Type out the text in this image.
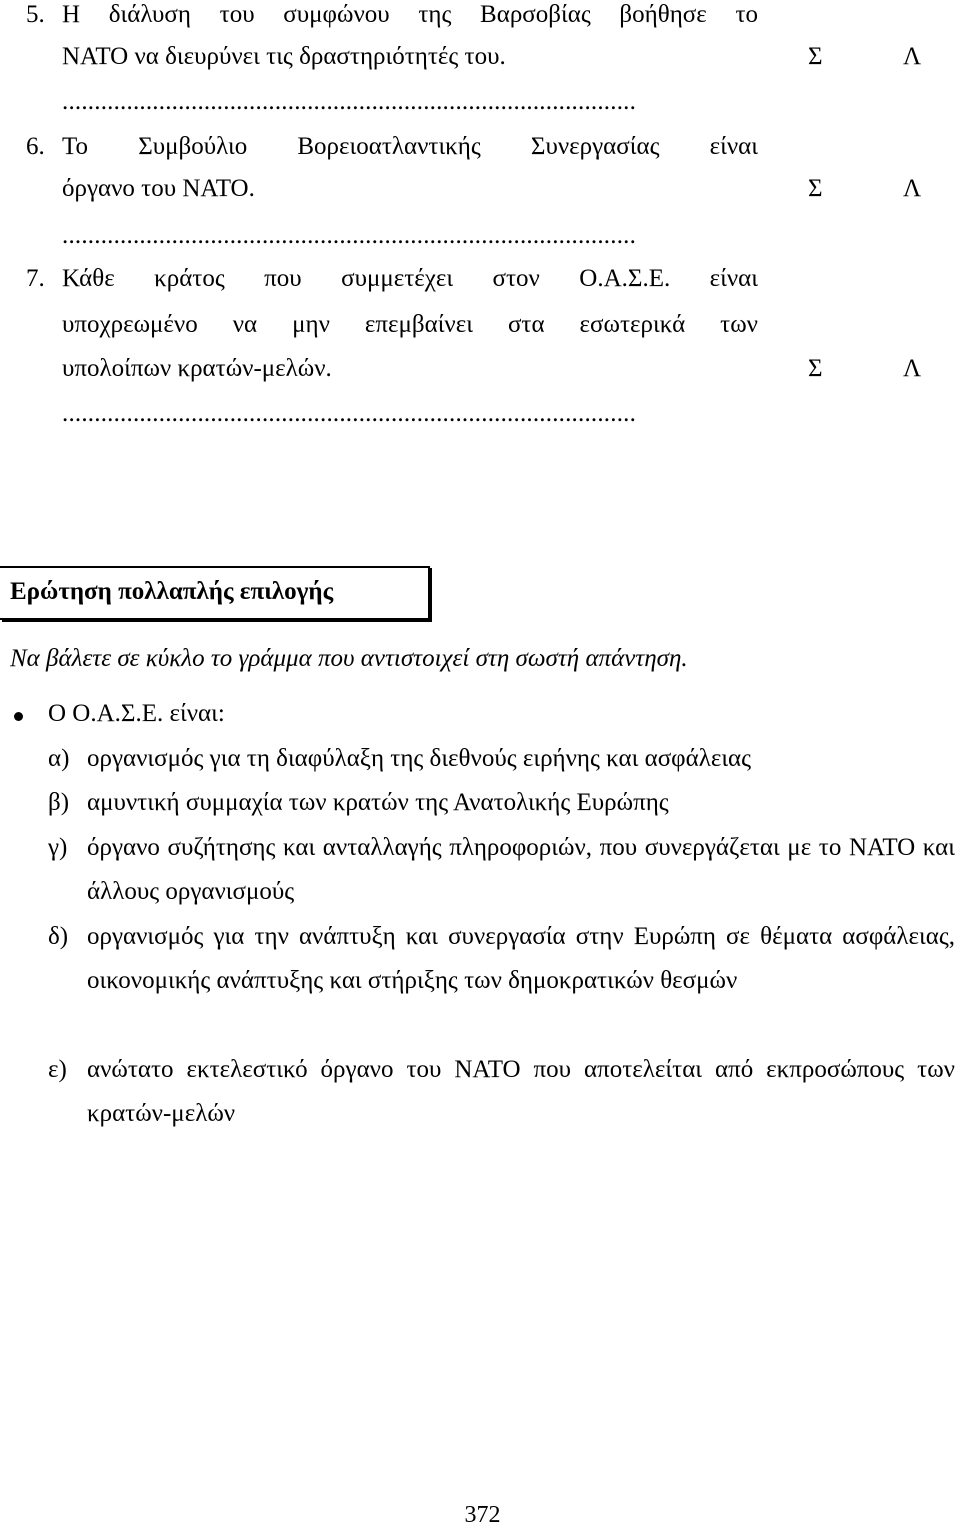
5. Η διάλυση του συμφώνου της Βαρσοβίας βοήθησε το
ΝΑΤΟ να διευρύνει τις δραστηριότητές του.	Σ	Λ
.........................................................................................
6. Το Συμβούλιο Βορειοατλαντικής Συνεργασίας είναι
όργανο του ΝΑΤΟ.	Σ	Λ
.........................................................................................
7. Κάθε κράτος που συμμετέχει στον Ο.Α.Σ.Ε. είναι
υποχρεωμένο να μην επεμβαίνει στα εσωτερικά των
υπολοίπων κρατών-μελών.	Σ	Λ
.........................................................................................
Ερώτηση πολλαπλής επιλογής
Να βάλετε σε κύκλο το γράμμα που αντιστοιχεί στη σωστή απάντηση.
Ο Ο.Α.Σ.Ε. είναι:
α) οργανισμός για τη διαφύλαξη της διεθνούς ειρήνης και ασφάλειας
β) αμυντική συμμαχία των κρατών της Ανατολικής Ευρώπης
γ) όργανο συζήτησης και ανταλλαγής πληροφοριών, που συνεργάζεται με το ΝΑΤΟ και άλλους οργανισμούς
δ) οργανισμός για την ανάπτυξη και συνεργασία στην Ευρώπη σε θέματα ασφάλειας, οικονομικής ανάπτυξης και στήριξης των δημοκρατικών θεσμών
ε) ανώτατο εκτελεστικό όργανο του ΝΑΤΟ που αποτελείται από εκπροσώπους των κρατών-μελών
372
